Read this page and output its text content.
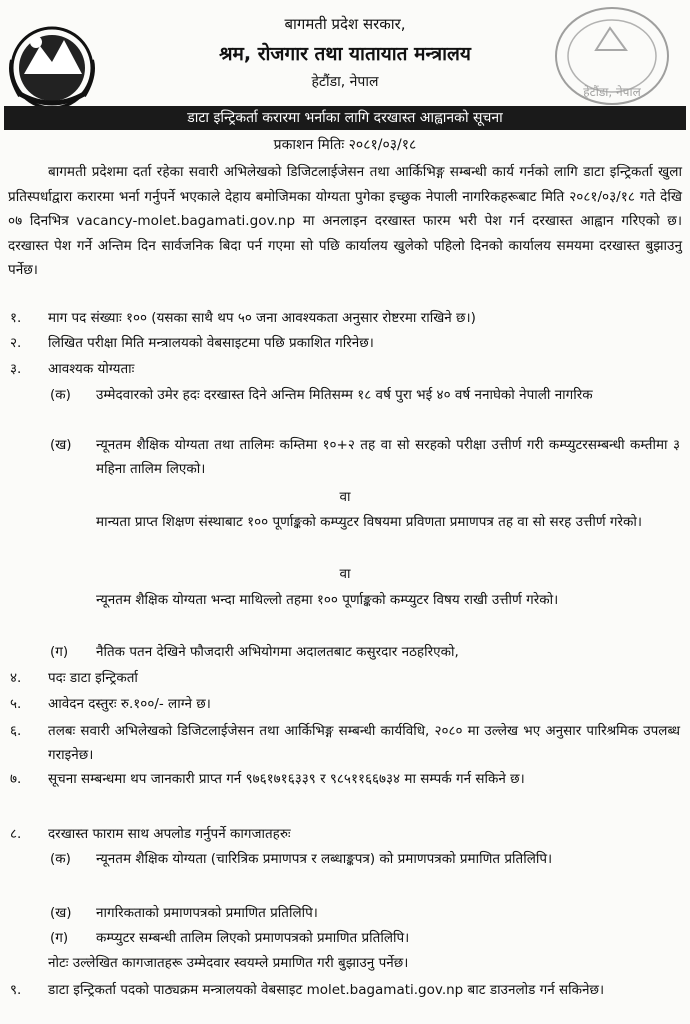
हेटौंडा, नेपाल
बागमती प्रदेश सरकार,
श्रम, रोजगार तथा यातायात मन्त्रालय
हेटौंडा, नेपाल
डाटा इन्ट्रिकर्ता करारमा भर्नाका लागि दरखास्त आह्वानको सूचना
प्रकाशन मितिः २०८१/०३/१८
बागमती प्रदेशमा दर्ता रहेका सवारी अभिलेखको डिजिटलाईजेसन तथा आर्किभिङ्ग सम्बन्धी कार्य गर्नको लागि डाटा इन्ट्रिकर्ता खुला प्रतिस्पर्धाद्वारा करारमा भर्ना गर्नुपर्ने भएकाले देहाय बमोजिमका योग्यता पुगेका इच्छुक नेपाली नागरिकहरूबाट मिति २०८१/०३/१८ गते देखि ०७ दिनभित्र vacancy-molet.bagamati.gov.np मा अनलाइन दरखास्त फारम भरी पेश गर्न दरखास्त आह्वान गरिएको छ। दरखास्त पेश गर्ने अन्तिम दिन सार्वजनिक बिदा पर्न गएमा सो पछि कार्यालय खुलेको पहिलो दिनको कार्यालय समयमा दरखास्त बुझाउनु पर्नेछ।
१. माग पद संख्याः १०० (यसका साथै थप ५० जना आवश्यकता अनुसार रोष्टरमा राखिने छ।)
२. लिखित परीक्षा मिति मन्त्रालयको वेबसाइटमा पछि प्रकाशित गरिनेछ।
३. आवश्यक योग्यताः
(क) उम्मेदवारको उमेर हदः दरखास्त दिने अन्तिम मितिसम्म १८ वर्ष पुरा भई ४० वर्ष ननाघेको नेपाली नागरिक
(ख) न्यूनतम शैक्षिक योग्यता तथा तालिमः कम्तिमा १०+२ तह वा सो सरहको परीक्षा उत्तीर्ण गरी कम्प्युटरसम्बन्धी कम्तीमा ३ महिना तालिम लिएको।
वा
मान्यता प्राप्त शिक्षण संस्थाबाट १०० पूर्णाङ्कको कम्प्युटर विषयमा प्रविणता प्रमाणपत्र तह वा सो सरह उत्तीर्ण गरेको।
वा
न्यूनतम शैक्षिक योग्यता भन्दा माथिल्लो तहमा १०० पूर्णाङ्कको कम्प्युटर विषय राखी उत्तीर्ण गरेको।
(ग) नैतिक पतन देखिने फौजदारी अभियोगमा अदालतबाट कसुरदार नठहरिएको,
४. पदः डाटा इन्ट्रिकर्ता
५. आवेदन दस्तुरः रु.१००/- लाग्ने छ।
६. तलबः सवारी अभिलेखको डिजिटलाईजेसन तथा आर्किभिङ्ग सम्बन्धी कार्यविधि, २०८० मा उल्लेख भए अनुसार पारिश्रमिक उपलब्ध गराइनेछ।
७. सूचना सम्बन्धमा थप जानकारी प्राप्त गर्न ९७६१७१६३३९ र ९८५११६६७३४ मा सम्पर्क गर्न सकिने छ।
८. दरखास्त फाराम साथ अपलोड गर्नुपर्ने कागजातहरुः
(क) न्यूनतम शैक्षिक योग्यता (चारित्रिक प्रमाणपत्र र लब्धाङ्कपत्र) को प्रमाणपत्रको प्रमाणित प्रतिलिपि।
(ख) नागरिकताको प्रमाणपत्रको प्रमाणित प्रतिलिपि।
(ग) कम्प्युटर सम्बन्धी तालिम लिएको प्रमाणपत्रको प्रमाणित प्रतिलिपि।
नोटः उल्लेखित कागजातहरू उम्मेदवार स्वयम्ले प्रमाणित गरी बुझाउनु पर्नेछ।
९. डाटा इन्ट्रिकर्ता पदको पाठ्यक्रम मन्त्रालयको वेबसाइट molet.bagamati.gov.np बाट डाउनलोड गर्न सकिनेछ।
